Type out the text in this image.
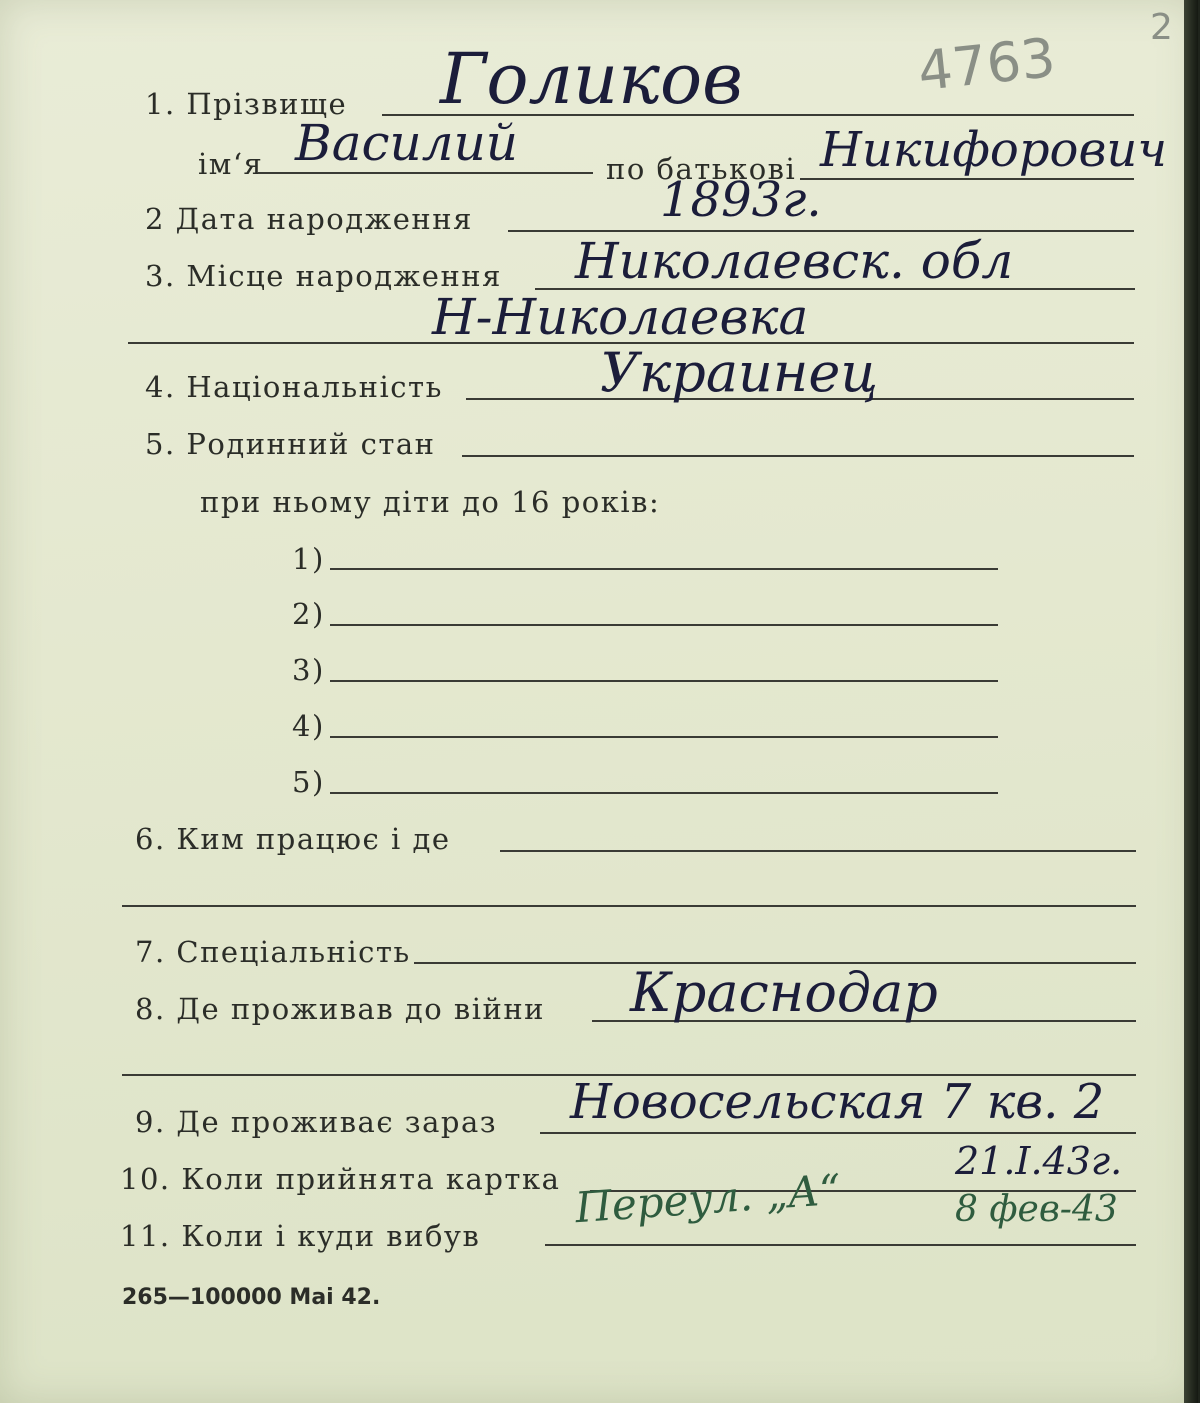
4763	2
1. Прізвище Голиков
ім‘я Василий	по батькові Никифорович
2 Дата народження	1893г.
3. Місце народження Николаевск. обл
Н-Николаевка
4. Національність	Украинец
5. Родинний стан
при ньому діти до 16 років:
1)
2)
3)
4)
5)
6. Ким працює і де
7. Спеціальність
8. Де проживав до війни Краснодар
9. Де проживає зараз Новосельская 7 кв. 2
10. Коли прийнята картка	21.I.43г.
11. Коли і куди вибув
Переул. „А“	8 фев-43
265—100000 Mai 42.
